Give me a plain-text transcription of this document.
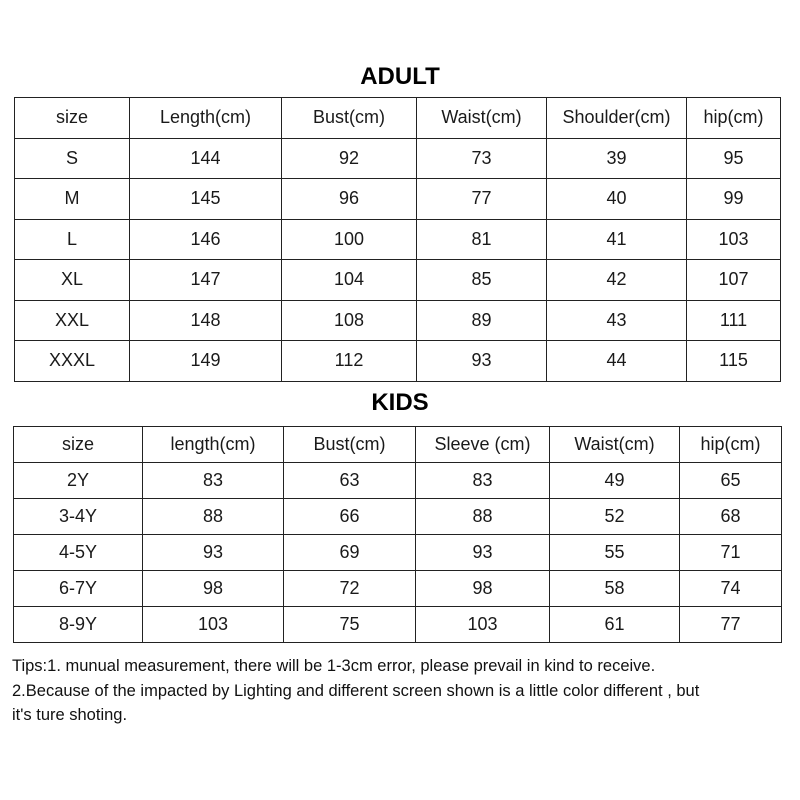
ADULT
size	Length(cm)	Bust(cm)	Waist(cm)	Shoulder(cm)	hip(cm)
S	144	92	73	39	95
M	145	96	77	40	99
L	146	100	81	41	103
XL	147	104	85	42	107
XXL	148	108	89	43	111
XXXL	149	112	93	44	115
KIDS
size	length(cm)	Bust(cm)	Sleeve (cm)	Waist(cm)	hip(cm)
2Y	83	63	83	49	65
3-4Y	88	66	88	52	68
4-5Y	93	69	93	55	71
6-7Y	98	72	98	58	74
8-9Y	103	75	103	61	77
Tips:1. munual measurement, there will be 1-3cm error, please prevail in kind to receive.
2.Because of the impacted by Lighting and different screen shown is a little color different , but
it's ture shoting.
